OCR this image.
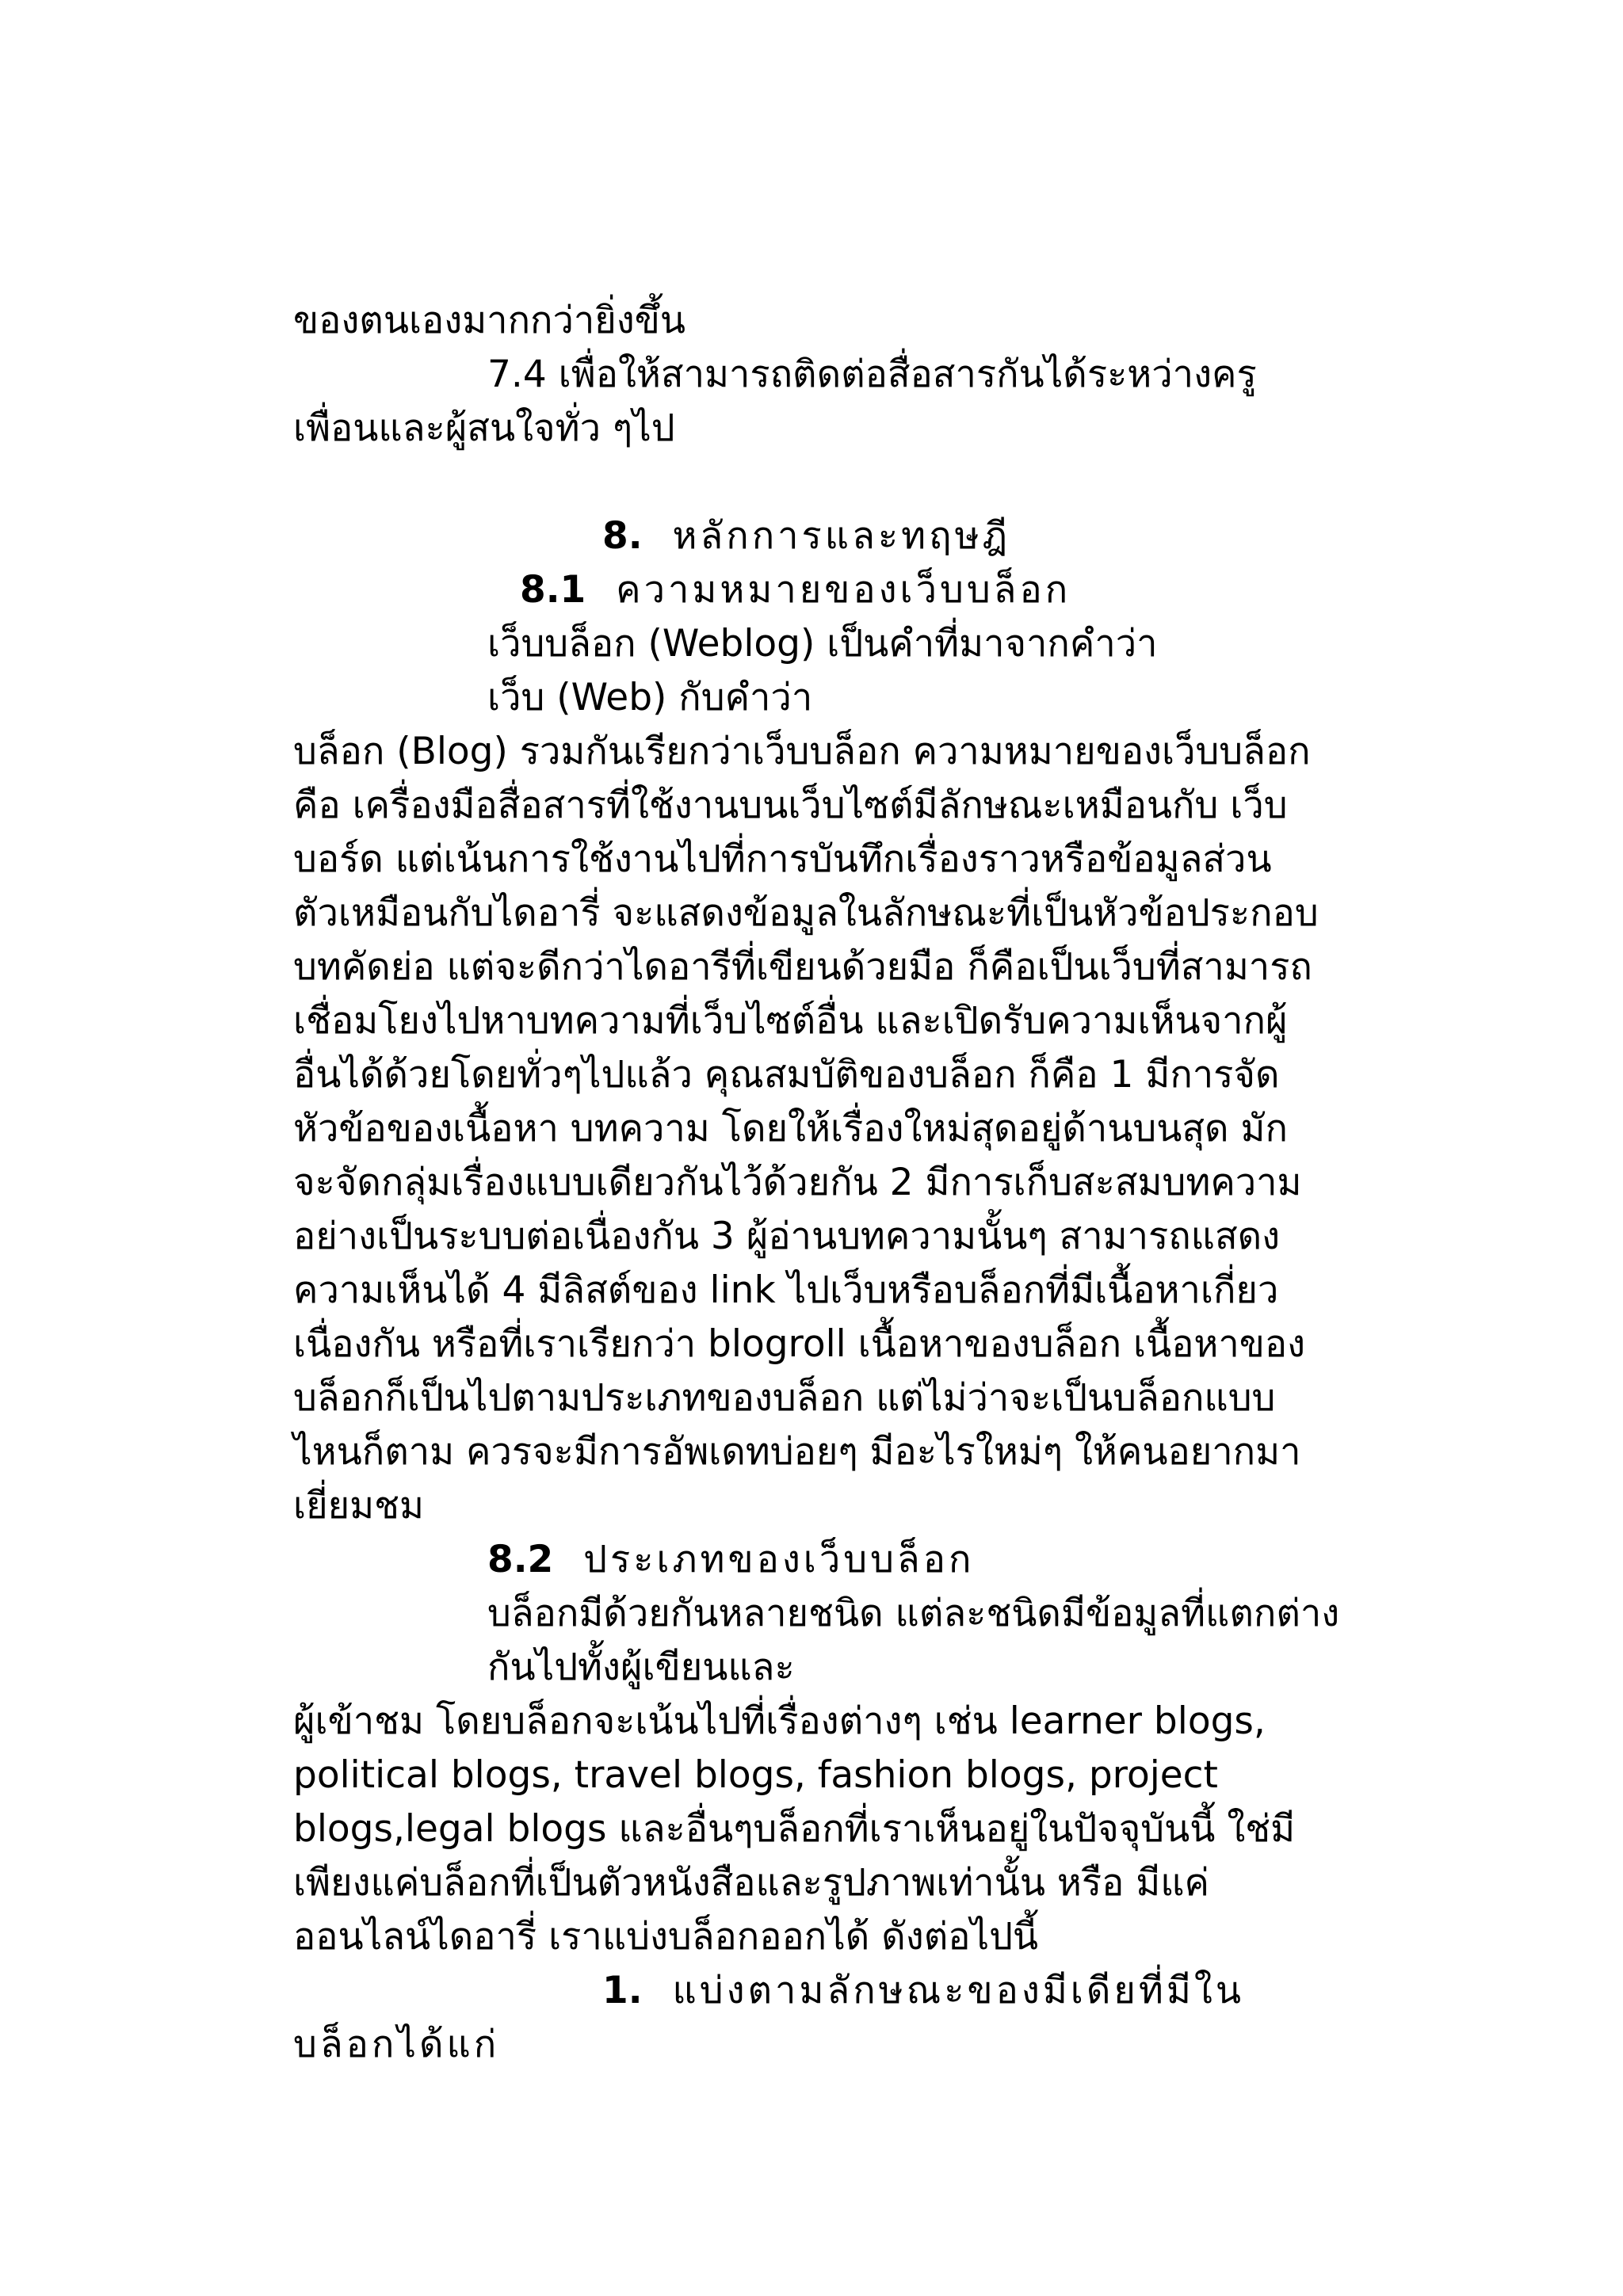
ของตนเองมากกว่ายิ่งขึ้น
7.4 เพื่อให้สามารถติดต่อสื่อสารกันได้ระหว่างครู
เพื่อนและผู้สนใจทั่ว ๆไป
8. หลักการและทฤษฎี
8.1 ความหมายของเว็บบล็อก
เว็บบล็อก (Weblog) เป็นคำที่มาจากคำว่า
เว็บ (Web) กับคำว่า
บล็อก (Blog) รวมกันเรียกว่าเว็บบล็อก ความหมายของเว็บบล็อก
คือ เครื่องมือสื่อสารที่ใช้งานบนเว็บไซต์มีลักษณะเหมือนกับ เว็บ
บอร์ด แต่เน้นการใช้งานไปที่การบันทึกเรื่องราวหรือข้อมูลส่วน
ตัวเหมือนกับไดอารี่ จะแสดงข้อมูลในลักษณะที่เป็นหัวข้อประกอบ
บทคัดย่อ แต่จะดีกว่าไดอารีที่เขียนด้วยมือ ก็คือเป็นเว็บที่สามารถ
เชื่อมโยงไปหาบทความที่เว็บไซต์อื่น และเปิดรับความเห็นจากผู้
อื่นได้ด้วยโดยทั่วๆไปแล้ว คุณสมบัติของบล็อก ก็คือ 1 มีการจัด
หัวข้อของเนื้อหา บทความ โดยให้เรื่องใหม่สุดอยู่ด้านบนสุด มัก
จะจัดกลุ่มเรื่องแบบเดียวกันไว้ด้วยกัน 2 มีการเก็บสะสมบทความ
อย่างเป็นระบบต่อเนื่องกัน 3 ผู้อ่านบทความนั้นๆ สามารถแสดง
ความเห็นได้ 4 มีลิสต์ของ link ไปเว็บหรือบล็อกที่มีเนื้อหาเกี่ยว
เนื่องกัน หรือที่เราเรียกว่า blogroll เนื้อหาของบล็อก เนื้อหาของ
บล็อกก็เป็นไปตามประเภทของบล็อก แต่ไม่ว่าจะเป็นบล็อกแบบ
ไหนก็ตาม ควรจะมีการอัพเดทบ่อยๆ มีอะไรใหม่ๆ ให้คนอยากมา
เยี่ยมชม
8.2 ประเภทของเว็บบล็อก
บล็อกมีด้วยกันหลายชนิด แต่ละชนิดมีข้อมูลที่แตกต่าง
กันไปทั้งผู้เขียนและ
ผู้เข้าชม โดยบล็อกจะเน้นไปที่เรื่องต่างๆ เช่น learner blogs,
political blogs, travel blogs, fashion blogs, project
blogs,legal blogs และอื่นๆบล็อกที่เราเห็นอยู่ในปัจจุบันนี้ ใช่มี
เพียงแค่บล็อกที่เป็นตัวหนังสือและรูปภาพเท่านั้น หรือ มีแค่
ออนไลน์ไดอารี่ เราแบ่งบล็อกออกได้ ดังต่อไปนี้
1. แบ่งตามลักษณะของมีเดียที่มีใน
บล็อกได้แก่
